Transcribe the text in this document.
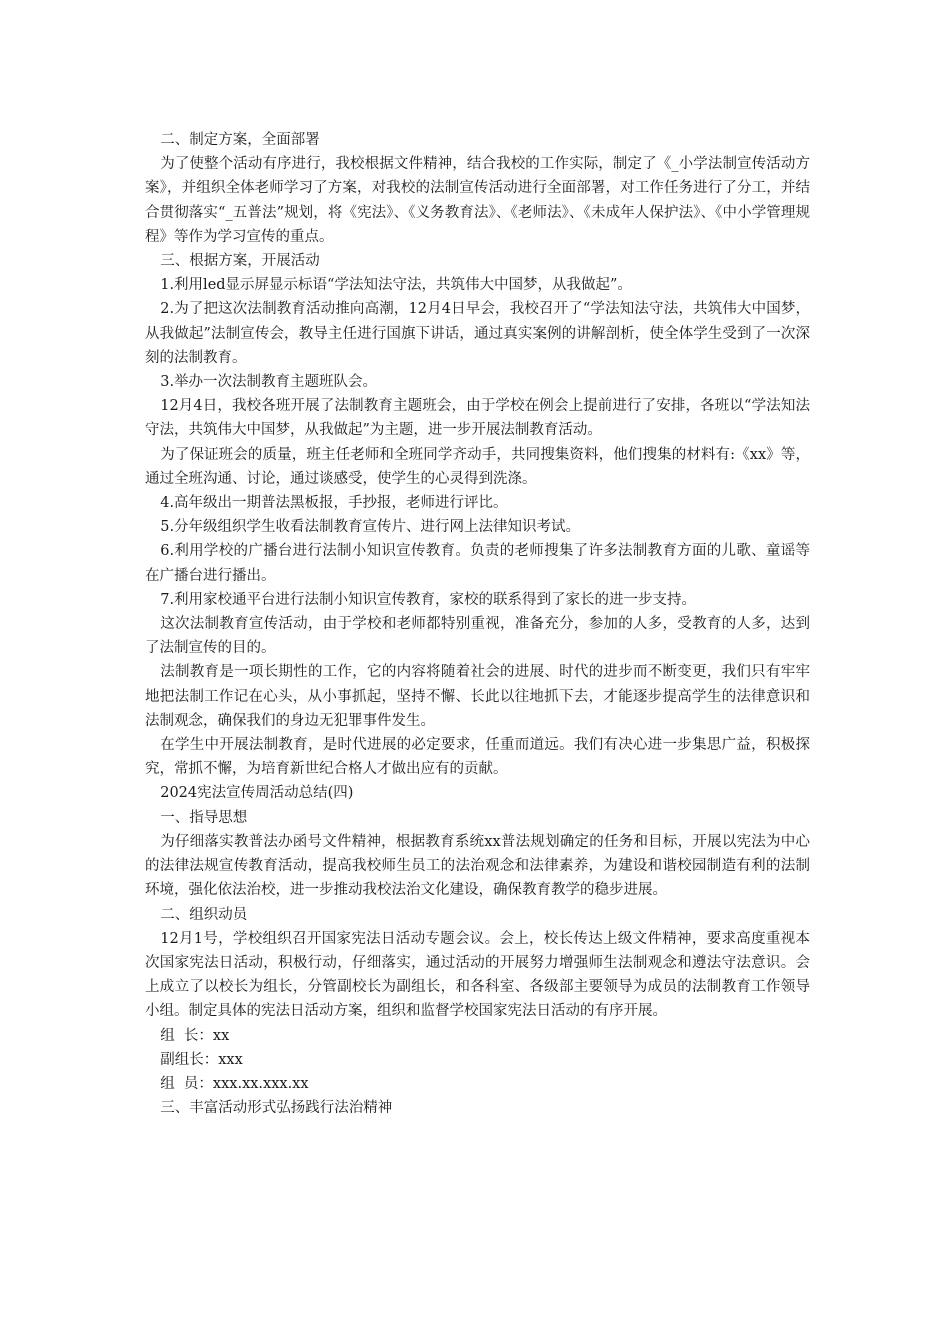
二、制定方案，全面部署

为了使整个活动有序进行，我校根据文件精神，结合我校的工作实际，制定了《_小学法制宣传活动方案》，并组织全体老师学习了方案，对我校的法制宣传活动进行全面部署，对工作任务进行了分工，并结合贯彻落实“_五普法”规划，将《宪法》、《义务教育法》、《老师法》、《未成年人保护法》、《中小学管理规程》等作为学习宣传的重点。

三、根据方案，开展活动

1.利用led显示屏显示标语“学法知法守法，共筑伟大中国梦，从我做起”。

2.为了把这次法制教育活动推向高潮，12月4日早会，我校召开了“学法知法守法，共筑伟大中国梦，从我做起”法制宣传会，教导主任进行国旗下讲话，通过真实案例的讲解剖析，使全体学生受到了一次深刻的法制教育。

3.举办一次法制教育主题班队会。

12月4日，我校各班开展了法制教育主题班会，由于学校在例会上提前进行了安排，各班以“学法知法守法，共筑伟大中国梦，从我做起”为主题，进一步开展法制教育活动。

为了保证班会的质量，班主任老师和全班同学齐动手，共同搜集资料，他们搜集的材料有:《xx》等，通过全班沟通、讨论，通过谈感受，使学生的心灵得到洗涤。

4.高年级出一期普法黑板报，手抄报，老师进行评比。

5.分年级组织学生收看法制教育宣传片、进行网上法律知识考试。

6.利用学校的广播台进行法制小知识宣传教育。负责的老师搜集了许多法制教育方面的儿歌、童谣等在广播台进行播出。

7.利用家校通平台进行法制小知识宣传教育，家校的联系得到了家长的进一步支持。

这次法制教育宣传活动，由于学校和老师都特别重视，准备充分，参加的人多，受教育的人多，达到了法制宣传的目的。

法制教育是一项长期性的工作，它的内容将随着社会的进展、时代的进步而不断变更，我们只有牢牢地把法制工作记在心头，从小事抓起，坚持不懈、长此以往地抓下去，才能逐步提高学生的法律意识和法制观念，确保我们的身边无犯罪事件发生。

在学生中开展法制教育，是时代进展的必定要求，任重而道远。我们有决心进一步集思广益，积极探究，常抓不懈，为培育新世纪合格人才做出应有的贡献。

2024宪法宣传周活动总结(四)

一、指导思想

为仔细落实教普法办函号文件精神，根据教育系统xx普法规划确定的任务和目标，开展以宪法为中心的法律法规宣传教育活动，提高我校师生员工的法治观念和法律素养，为建设和谐校园制造有利的法制环境，强化依法治校，进一步推动我校法治文化建设，确保教育教学的稳步进展。

二、组织动员

12月1号，学校组织召开国家宪法日活动专题会议。会上，校长传达上级文件精神，要求高度重视本次国家宪法日活动，积极行动，仔细落实，通过活动的开展努力增强师生法制观念和遵法守法意识。会上成立了以校长为组长，分管副校长为副组长，和各科室、各级部主要领导为成员的法制教育工作领导小组。制定具体的宪法日活动方案，组织和监督学校国家宪法日活动的有序开展。

组  长：xx

副组长：xxx

组  员：xxx.xx.xxx.xx

三、丰富活动形式弘扬践行法治精神
